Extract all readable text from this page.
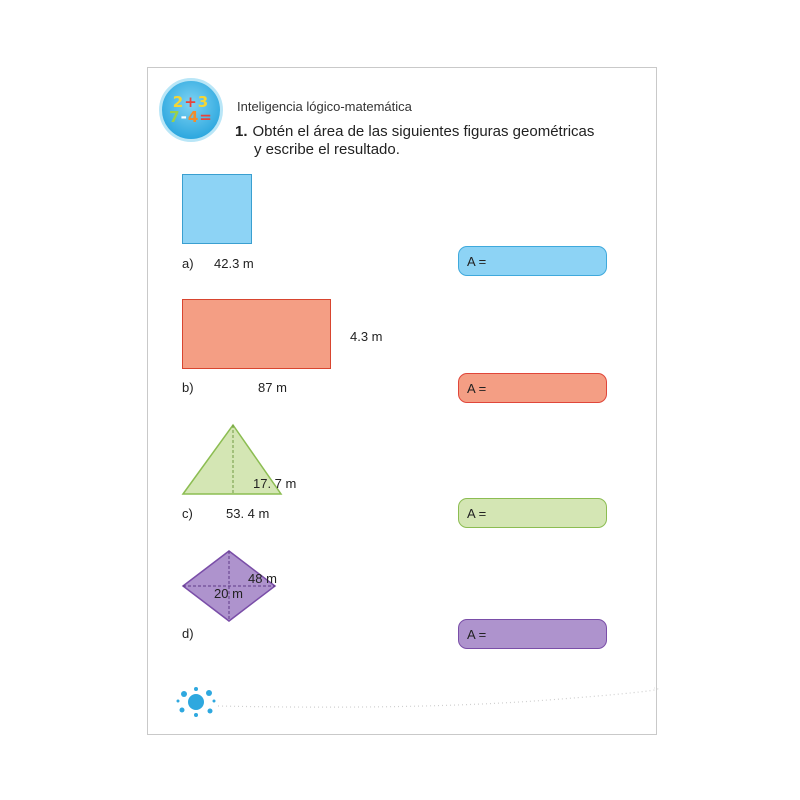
2+3
7-4=
Inteligencia lógico-matemática
1. Obtén el área de las siguientes figuras geométricas
y escribe el resultado.
a) 42.3 m	A =
4.3 m
b)	87 m	A =
17. 7 m
c)	53. 4 m	A =
48 m
20 m
d)	A =
